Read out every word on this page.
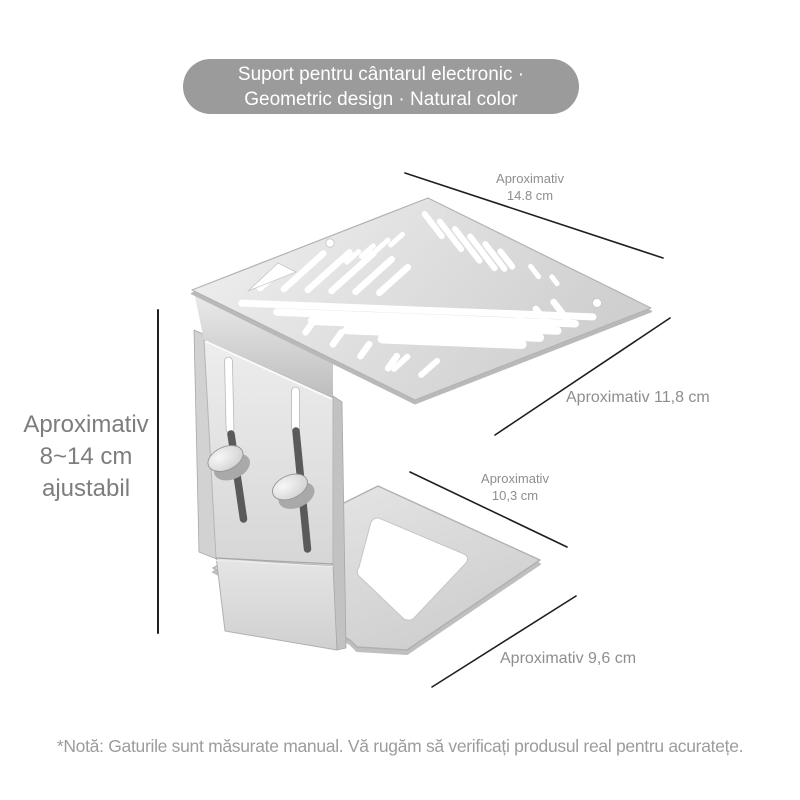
Suport pentru cântarul electronic · Geometric design · Natural color
Aproximativ
14.8 cm
Aproximativ 11,8 cm
Aproximativ
10,3 cm
Aproximativ 9,6 cm
Aproximativ
8~14 cm
ajustabil
*Notă: Gaturile sunt măsurate manual. Vă rugăm să verificați produsul real pentru acuratețe.
